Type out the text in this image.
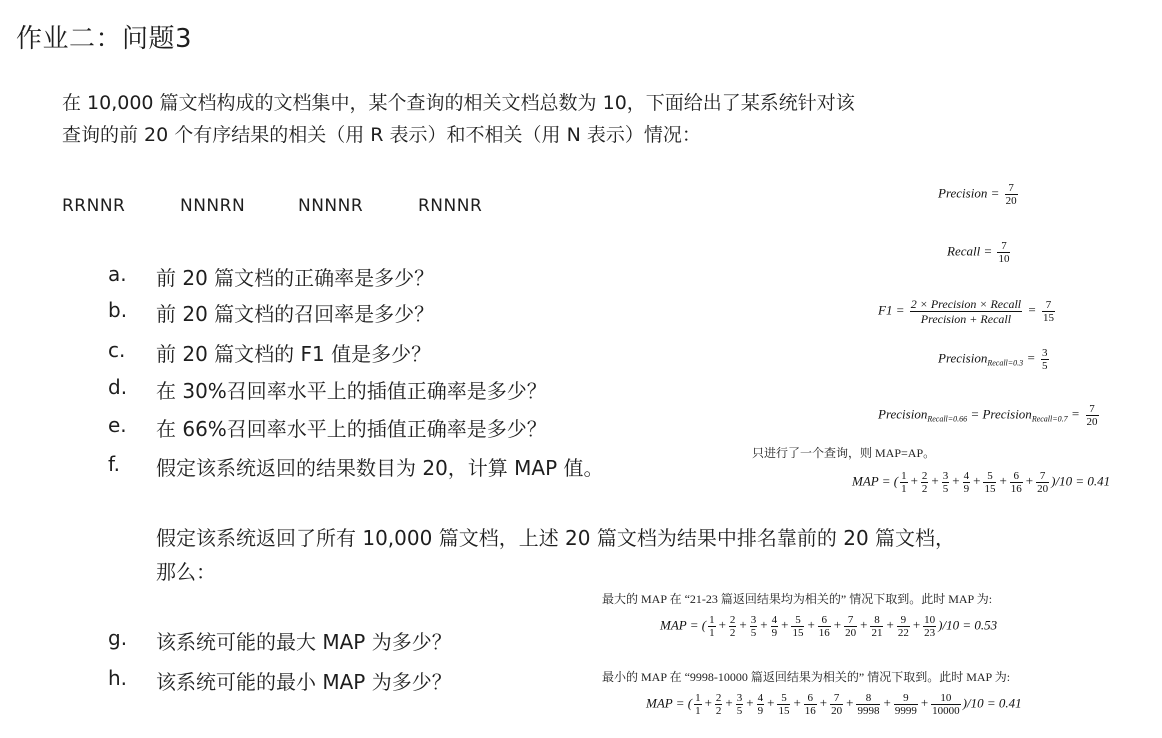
作业二：问题3
在 10,000 篇文档构成的文档集中，某个查询的相关文档总数为 10，下面给出了某系统针对该
查询的前 20 个有序结果的相关（用 R 表示）和不相关（用 N 表示）情况：
RRNNR	NNNRN	NNNNR	RNNNR
a. 前 20 篇文档的正确率是多少？
b. 前 20 篇文档的召回率是多少？
c. 前 20 篇文档的 F1 值是多少？
d. 在 30%召回率水平上的插值正确率是多少？
e. 在 66%召回率水平上的插值正确率是多少？
f. 假定该系统返回的结果数目为 20，计算 MAP 值。
假定该系统返回了所有 10,000 篇文档，上述 20 篇文档为结果中排名靠前的 20 篇文档，
那么：
g. 该系统可能的最大 MAP 为多少？
h. 该系统可能的最小 MAP 为多少？
Precision = $\frac{7}{20}$
Recall = $\frac{7}{10}$
$F1 = \frac{\text{2 × Precision × Recall}}{\text{Precision + Recall}} = \frac{7}{15}$
Precision$_{Recall=0.3}$ = $\frac{3}{5}$
Precision$_{Recall=0.66}$ = Precision$_{Recall=0.7}$ = $\frac{7}{20}$
只进行了一个查询，则 MAP=AP。
MAP = ( $\frac{1}{1} + \frac{2}{2} + \frac{3}{5} + \frac{4}{9} + \frac{5}{15} + \frac{6}{16} + \frac{7}{20} )/10 = 0.41$
最大的 MAP 在 “21-23 篇返回结果均为相关的” 情况下取到。此时 MAP 为:
MAP = ( $\frac{1}{1} + \frac{2}{2} + \frac{3}{5} + \frac{4}{9} + \frac{5}{15} + \frac{6}{16} + \frac{7}{20} + \frac{8}{21} + \frac{9}{22} + \frac{10}{23} )/10 = 0.53$
最小的 MAP 在 “9998-10000 篇返回结果为相关的” 情况下取到。此时 MAP 为:
MAP = ( $\frac{1}{1} + \frac{2}{2} + \frac{3}{5} + \frac{4}{9} + \frac{5}{15} + \frac{6}{16} + \frac{7}{20} + \frac{8}{9998} + \frac{9}{9999} + \frac{10}{10000} )/10 = 0.41$
